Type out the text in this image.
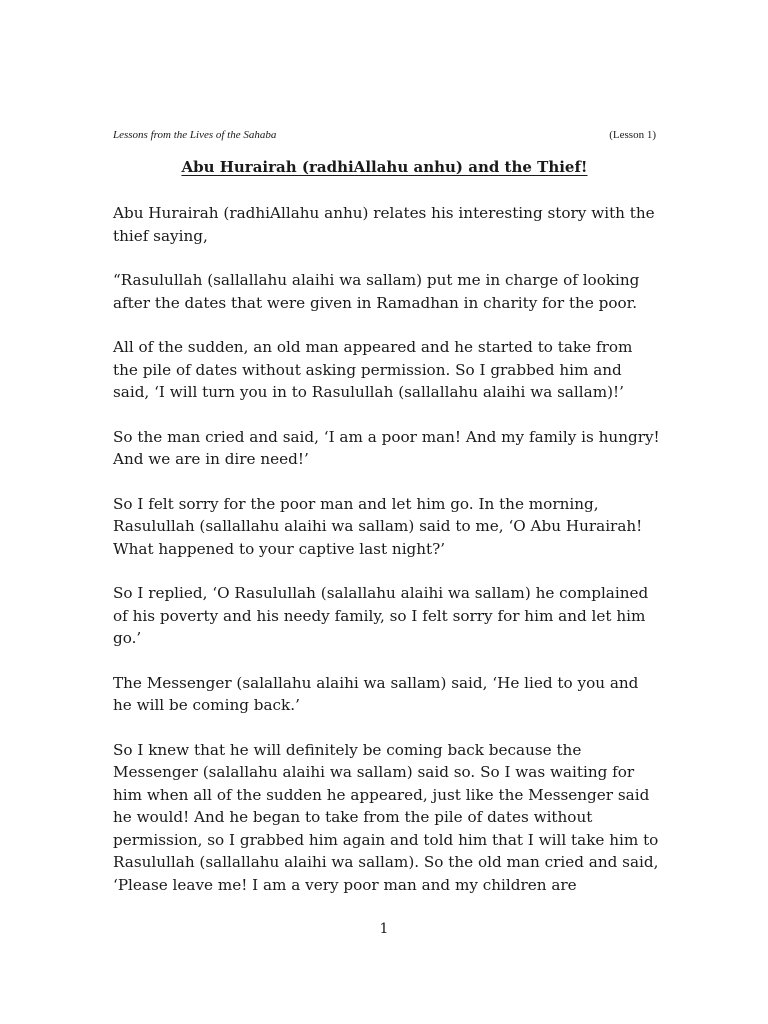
Lessons from the Lives of the Sahaba	(Lesson 1)
Abu Hurairah (radhiAllahu anhu) and the Thief!

Abu Hurairah (radhiAllahu anhu) relates his interesting story with the thief saying,

“Rasulullah (sallallahu alaihi wa sallam) put me in charge of looking after the dates that were given in Ramadhan in charity for the poor.

All of the sudden, an old man appeared and he started to take from the pile of dates without asking permission. So I grabbed him and said, ‘I will turn you in to Rasulullah (sallallahu alaihi wa sallam)!’

So the man cried and said, ‘I am a poor man! And my family is hungry! And we are in dire need!’

So I felt sorry for the poor man and let him go. In the morning, Rasulullah (sallallahu alaihi wa sallam) said to me, ‘O Abu Hurairah! What happened to your captive last night?’

So I replied, ‘O Rasulullah (salallahu alaihi wa sallam) he complained of his poverty and his needy family, so I felt sorry for him and let him go.’

The Messenger (salallahu alaihi wa sallam) said, ‘He lied to you and he will be coming back.’

So I knew that he will definitely be coming back because the Messenger (salallahu alaihi wa sallam) said so. So I was waiting for him when all of the sudden he appeared, just like the Messenger said he would! And he began to take from the pile of dates without permission, so I grabbed him again and told him that I will take him to Rasulullah (sallallahu alaihi wa sallam). So the old man cried and said, ‘Please leave me! I am a very poor man and my children are

1
